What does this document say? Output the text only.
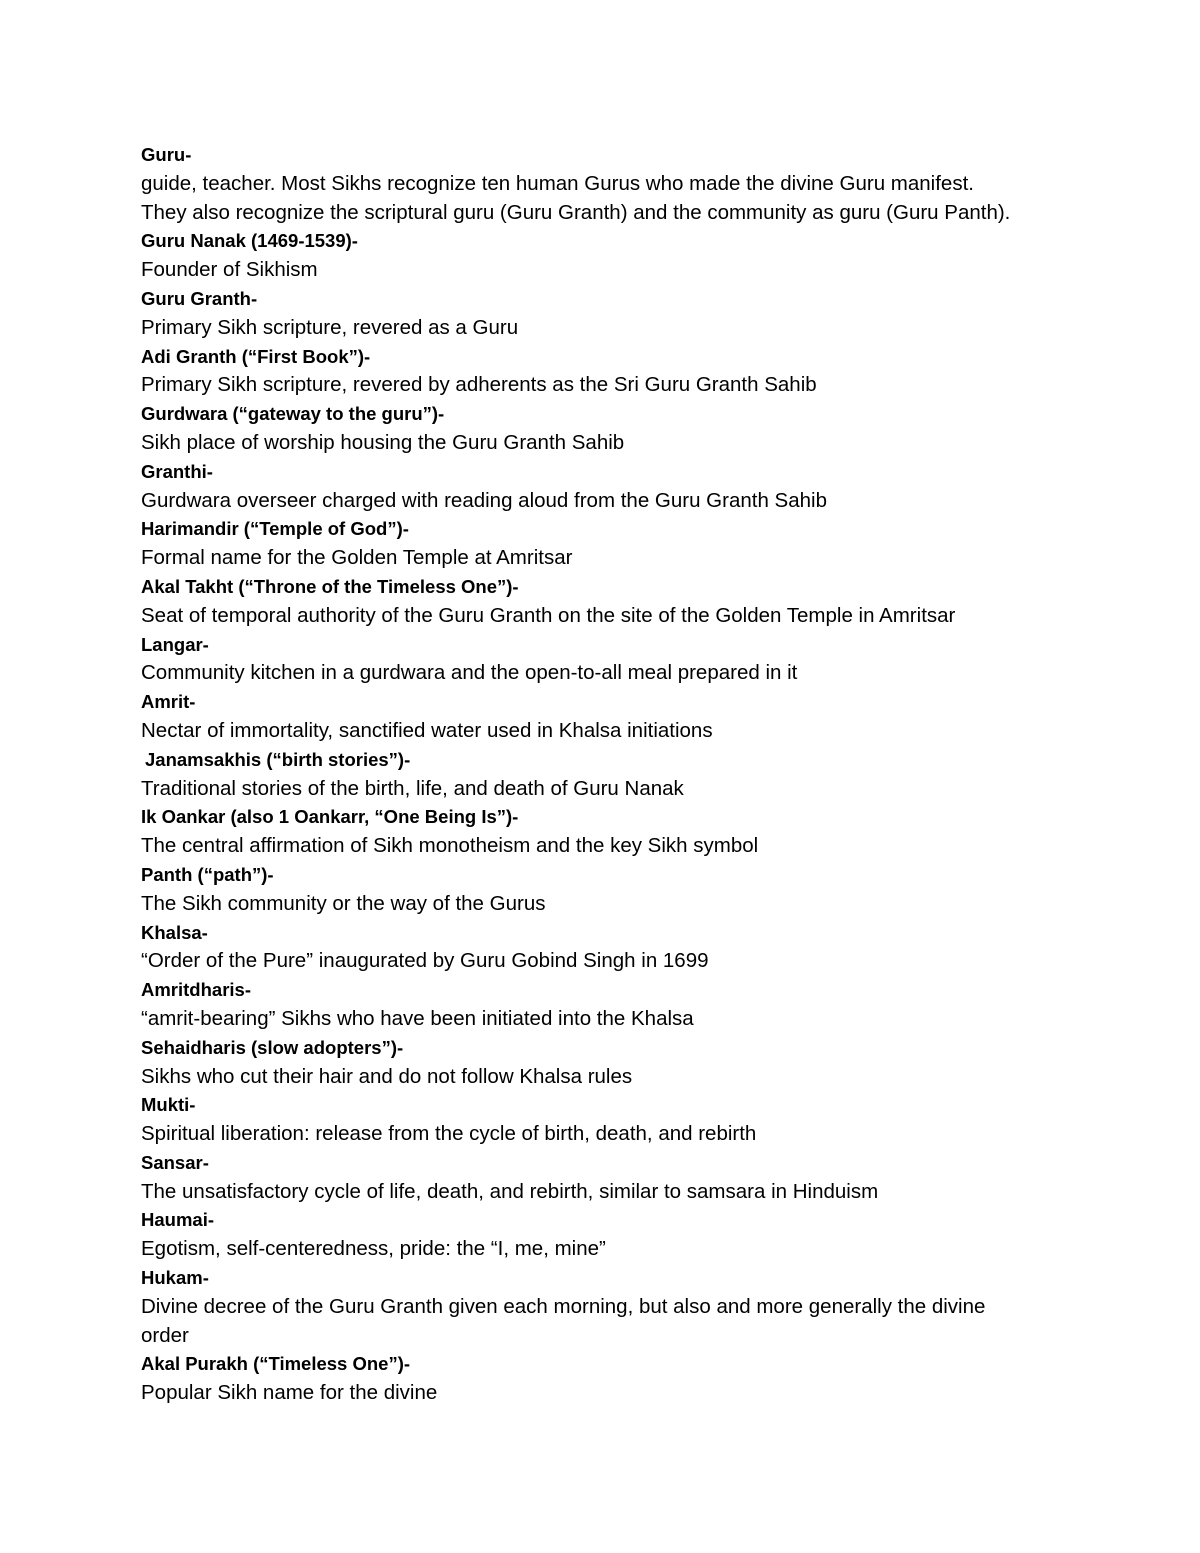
Guru-
guide, teacher. Most Sikhs recognize ten human Gurus who made the divine Guru manifest.
They also recognize the scriptural guru (Guru Granth) and the community as guru (Guru Panth).
Guru Nanak (1469-1539)-
Founder of Sikhism
Guru Granth-
Primary Sikh scripture, revered as a Guru
Adi Granth (“First Book”)-
Primary Sikh scripture, revered by adherents as the Sri Guru Granth Sahib
Gurdwara (“gateway to the guru”)-
Sikh place of worship housing the Guru Granth Sahib
Granthi-
Gurdwara overseer charged with reading aloud from the Guru Granth Sahib
Harimandir (“Temple of God”)-
Formal name for the Golden Temple at Amritsar
Akal Takht (“Throne of the Timeless One”)-
Seat of temporal authority of the Guru Granth on the site of the Golden Temple in Amritsar
Langar-
Community kitchen in a gurdwara and the open-to-all meal prepared in it
Amrit-
Nectar of immortality, sanctified water used in Khalsa initiations
Janamsakhis (“birth stories”)-
Traditional stories of the birth, life, and death of Guru Nanak
Ik Oankar (also 1 Oankarr, “One Being Is”)-
The central affirmation of Sikh monotheism and the key Sikh symbol
Panth (“path”)-
The Sikh community or the way of the Gurus
Khalsa-
“Order of the Pure” inaugurated by Guru Gobind Singh in 1699
Amritdharis-
“amrit-bearing” Sikhs who have been initiated into the Khalsa
Sehaidharis (slow adopters”)-
Sikhs who cut their hair and do not follow Khalsa rules
Mukti-
Spiritual liberation: release from the cycle of birth, death, and rebirth
Sansar-
The unsatisfactory cycle of life, death, and rebirth, similar to samsara in Hinduism
Haumai-
Egotism, self-centeredness, pride: the “I, me, mine”
Hukam-
Divine decree of the Guru Granth given each morning, but also and more generally the divine
order
Akal Purakh (“Timeless One”)-
Popular Sikh name for the divine
